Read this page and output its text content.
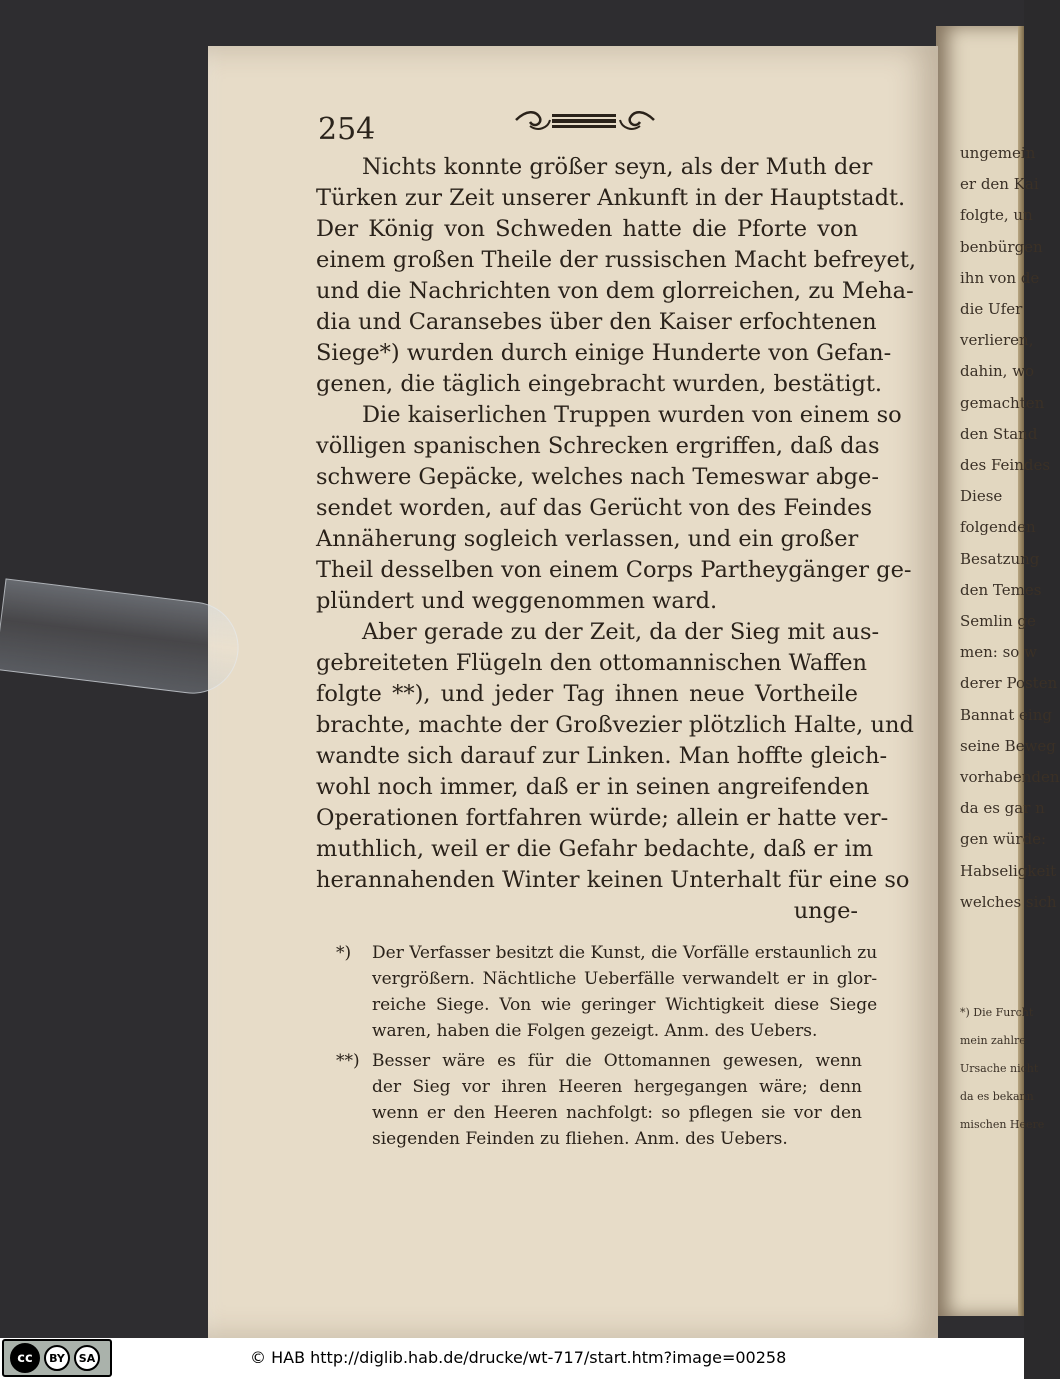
ungemein
er den Kai
folgte, un
benbürgen
ihn von de
die Ufer
verlieren,
dahin, wo
gemachten
den Stand
des Feindes
Diese
folgenden
Besatzung
den Temes
Semlin ge
men: so w
derer Posten
Bannat eing
seine Beweg
vorhabenden
da es gar n
gen würde:
Habseligkeit
welches sich
*) Die Furcht
mein zahlre
Ursache nicht
da es bekann
mischen Heere
254
Nichts konnte größer seyn, als der Muth der
Türken zur Zeit unserer Ankunft in der Hauptstadt.
Der König von Schweden hatte die Pforte von
einem großen Theile der russischen Macht befreyet,
und die Nachrichten von dem glorreichen, zu Meha-
dia und Caransebes über den Kaiser erfochtenen
Siege*) wurden durch einige Hunderte von Gefan-
genen, die täglich eingebracht wurden, bestätigt.
Die kaiserlichen Truppen wurden von einem so
völligen spanischen Schrecken ergriffen, daß das
schwere Gepäcke, welches nach Temeswar abge-
sendet worden, auf das Gerücht von des Feindes
Annäherung sogleich verlassen, und ein großer
Theil desselben von einem Corps Partheygänger ge-
plündert und weggenommen ward.
Aber gerade zu der Zeit, da der Sieg mit aus-
gebreiteten Flügeln den ottomannischen Waffen
folgte **), und jeder Tag ihnen neue Vortheile
brachte, machte der Großvezier plötzlich Halte, und
wandte sich darauf zur Linken. Man hoffte gleich-
wohl noch immer, daß er in seinen angreifenden
Operationen fortfahren würde; allein er hatte ver-
muthlich, weil er die Gefahr bedachte, daß er im
herannahenden Winter keinen Unterhalt für eine so
unge-
*)	Der Verfasser besitzt die Kunst, die Vorfälle erstaunlich zu
vergrößern. Nächtliche Ueberfälle verwandelt er in glor-
reiche Siege. Von wie geringer Wichtigkeit diese Siege
waren, haben die Folgen gezeigt. Anm. des Uebers.
**) Besser wäre es für die Ottomannen gewesen, wenn
der Sieg vor ihren Heeren hergegangen wäre; denn
wenn er den Heeren nachfolgt: so pflegen sie vor den
siegenden Feinden zu fliehen. Anm. des Uebers.
cc	BY	SA	© HAB http://diglib.hab.de/drucke/wt-717/start.htm?image=00258
